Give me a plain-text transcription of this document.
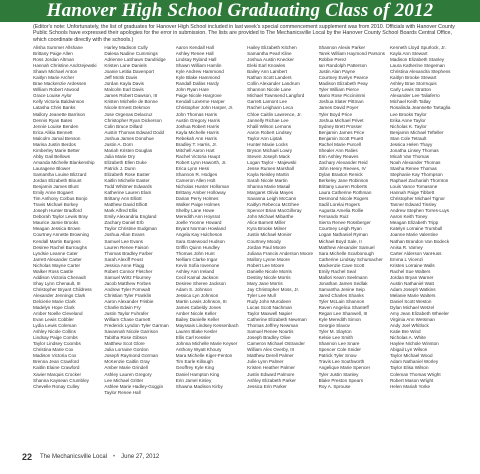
Hanover High School Graduating Class of 2012
(Editor's note: Unfortunately, the list of graduates for Hanover High School included in last week's special commencement supplement was from 2010. Officials with Hanover County Public Schools have expressed their apologies for the error in submission. The lists are provided to The Mechanicsville Local by the Hanover County School Boards Central Office, which coordinate directly with the schools.)
Alisha Summer Allshane
Brittany Paige Allen
Ross Jordan Altman
Hannah Christine Andrzejewski
Shawn Michael Anton
Kaitlyn Marie Archer
Brae Mackenzie Ardessen
William Robert Atwood
Grace Louise Aylor
Kelly Victoria Baldwinson
Latasha Chris Banks
Mallory Jeanette Barrison
Dennis Ryan Bates
Jennie Louise Benden
Erica Alikia Bennett
Malcolm Jamal Benson
Marisa Justin Berdos
Kimberley Marie Better
Abby Gail Bellows
Amanda Michelle Blankenship
Lauragene Blower
Samantha Louise Blizzard
Jordan Elizabeth Blount
Benjamin James Blunt
Emily Anne Bogaert
Tim Anthony Corbus Bonjo
Travis Michael Borkey
Joseph Hunter Bradford
Deborah Taylor Lewis Bray
Maurice Jamie Brooks
Meagan Jessica Brown
Courtney Annette Browning
Kendall Martin Burgess
Desiree Rachel Burroughs
Lyndsie Leanne Cater
Jarrett Alexander Carter
Nicholas Wayne Carter
Walker Ross Castle
Addison Victoria Chenault
Shay Lynn Chenault, III
Christopher Bryant Childress
Alexander Jennings Clark
Delcierie Marie Clark
Madelyn Hope Clark
Amber Noelle Cleveland
Evan Lewis Cobbler
Lydia Lewis Coleman
Ashley Nicole Collins
Lindsay Paige Combs
Taylor Lindsey Coombs
Christina Marie Cox
Madison Victoria Cox
Brenna Jean Crawford
Kaitlin Elaine Crawford
Xavier Marquis Crocker
Shanna Kaysean Crumbley
Chevelle Ronay Culley
Harley Madison Cully
Dalesa Nadine Cummings
Adrienne LaShawn Dandridge
Kristen Lane Daniels
Joanie Letitia Davenport
Jeff McSk Davis
Jordan Kayla Davis
Malcolm Earl Davis
James Robert Dawson, III
Kristen Michelle de Bonne
Nicole Ernest Dekmon
Jose Orgenas Delacruz
Christopher Ryan Dickerson
Colin Bruce Dillard
Austin Thomas Edward Dodd
Joshua James Donohue
Justin A. Dorn
Mariah Kristen Douglas
Julia Marie Dry
Elizabeth Ellen Duke
Patrick J. Dunn
Elizabeth Rose Easter
Kaitlin Michelle Easter
Todd Whitmer Edwards
Katherine Lauren Elam
Brittany Ann Elliott
Matthew David Elliott
Mark Alfred Ellis
Emily Alexandria England
Zachary Daniel Erb
Taylor Christine Eudgman
Joshua Allan Evans
Samuel Lee Evans
Lauren Renee Faison
Thomas Bradley Farber
Sarah Alexiff Feust
Jessica Anne Flagg
Robert Connor Fletcher
Samuel Wirtz Flourney
Jacob Matthew Forbes
Andrew Tyler Fornwalt
Christian Tyler Franklin
Aaron Alexander Frisbie
Charlie Edwin Fry
Justin Taylor Fuhrafer
William Chase Garnett
Frederick Lyndon Tyler Garman
Savannah Nicole Garrison
Tabitha Rose Gibson
Matthew Scot Glore
Julia Lorraine Gordon
Joseph Raymond Gorman
McKenzie Caitlin Gray
Amber Marie Grindell
Ashley Lauren Gregory
Lee Michael Gritter
Ashlee Marie Hadley-Goggin
Taylor Renee Hall
Aaron Kendall Hall
Ashley Renee Hall
Lindsay Ryland Hall
Shawn William Hamlin
Kyle Andrew Hammond
Kyle Blake Hammond
Randall Dallas Hardy
John Ryan Hare
Paige Nicole Hargrove
Kendall LaVerne Harper
Christopher John Harper, Jr.
John Thomas Harris
Austin Gregory Harris
Joshua Robert Harris
Kayla Michelle Harris
Rebekah Ann Harris
Bradley T. Harris, Jr.
Mitchell Aaron Hart
Rachel Victoria Haupt
Robert Lynn Haworth, Jr.
Erica Lynn Hess
Shannon R. Hodges
Cameron Allen Holt
Nicholas Hunter Holloman
Brittany Amber Holloway
Darian Perry Holmes
Walker Paige Holmes
Shelby Lane Howe
Meredith Ann Hoysrat
Joelle Yvonne Howard
Bryant Norman Howland
Angela Kay Hulcheson
Sara Gatewood Hudson
Griffin Quinn Hundley
Thomas John Hunt
Nelliam Clarke Ingar
Kevin Sofia Iovenone
Ashley Ann Ireland
Cecil Kamal Jackson
Desiree Sheree Jackson
Adam S. Johnson
Jessica Lyn Johnson
Martin Lewis Johnson, III
James Cabeldy Jones
Amber Nicole Keller
Bailey Danielle Keller
Mayssais Lindsey Kessenbach
Lauren Blake Kesler
Ellis Carl Kessler
Johnna Michelle Marie Keyser
Anthony Wyatt Khoury
Mara Michelle Kiger-Fenton
Tim Earle Killough
Geoffrey Kyle King
Daniel Hampton King
Erin Jamel Kinley
Shawna Madison Kirby
Hailey Elizabeth Kitchen
Samantha Pearl Kline
Joshua Austin Knecker
Eleki Earl Knowles
Bailey Ann Lambert
Nathan Scott Landers
Collin Alexander Landrum
Shannon Nicole Lane
Michael Townsend Langford
Garrett Lamont Lee
Rachel Leighann Leca
Chloe Caitlin Lawrence, Jr.
Jannelly Richae Lee
Khalil Wilson Lemons
Aaron Robert Lindsey
Taylor Ann Liptak
Hunter Maxie Locks
Bryson Michael Lowry
Steven Joseph Mack
Logan Taylor - Majewski
Jesse Rumen Marshall
Kayla Neisley Martin
Sarah Nicole Martin
Shanna Marie Masail
Margaret Olivia Mayes
Savanna Leigh McCann
Kaitlyn Rebecca McGhee
Spencer Brian MacGillvray
John Michael Mibarthe
Alice Barnett Miller
Kyra Brooke Milner
Justin Michael Monier
Courtney Moody
Jordan Paul Moore
Juliana Francis Anderson Moore
Mallory Lynne Moore
Robert Lee Moore
Danielle Nicole Morris
Destiny Nicole Morris
Mary Jane Morris
Jay Christopher Moss, Jr.
Tyler Lee Mull
Rudy John Murodeen
Lucas Scott Nachman
Taylor Maxwell Napier
Catherine Elizabeth Newman
Thomas Jeffrey Newman
Samuel Renee Nourtis
Joseph Bradley Olive
Cameron Michael Ostrander
William Alex Overby, III
Matthew Derell Palmer
Julie Lynn Palmer
Kristen Heather Palmer
Justin Edward Palmore
Ashley Elizabeth Parker
Jessica Erin Parker
Shannon Alexis Parker
Tarek William Haymond Parsons
Robbie Perez
Ian Randolph Patterson
Justin Alan Payne
Courtney Evelyn Pearce
Madison Elizabeth Peay
Tyler William Pierce
Mario Rose Piccinimmi
Joshua Slater Pittman
James David Poyer
Tyler Boyd Price
Joshua Michael Privet
Sydney Brett Prosser
Benjamin James Price
Benjamin Scott Pruett
Rachel Marie Purcell
Shealer Ann Ralies
Erin Ashley Reaves
Zachary Alexander Reid
John Henry Reeves, IV
Dylan Braxton Renick
Berkeley Jane Robinson
Brittany Lauren Roberts
Laura Catherine Rothman
Desmond Nicole Rogers
Sadil Lorelai Rogers
Augusta Amelia Rollie
Fernando Ruiz
Sierra Renee Rossberger
Courtney Leigh Ryan
Logan Nathaniel Ryman
Michael Boyd Sale, II
Matthew Alexander Samuel
Sara Michelle Scarborough
Catherine Lindsay Schumacher
Mackenzie Cave Scott
Emily Rachel Seal
Mallori Kearn Seelmann
Jonathan James Sedlak
Samantha Jenine Seip
Jared Charles Shanks
Tyler McLain Shannon
Raven Angelica Shanteff
Regan Lee Shanwell, III
Kyle Meredith Simon
Georgie Slavov
Tyler M. Slayton
Kelsie Lee Smith
Shannon Lee Snare
Spencer Cole Snider
Patrick Tyler Snow
Travis Lee Southworth
Angelique Marie Spencer
Tyler Justin Stanley
Blake Preston Spears
Roy A. Sprouse
Kenneth Lloyd Spurlock, Jr.
Kayla Ann Stewart
Madison Elizabeth Stanley
Laura Katherine Stegeman
Christina Alexandra Stephens
Kaitlyn Brooke Stewart
Ashley Brae Stormquis
Carly Lewis Stratton
Alexander Lee Taliaferro
Michael Keith Tatlay
Rosalinda Jeannette Tartaglia
Lee Brooks Taylor
Erika Anne Taylor
Nicholas K. Taylor
Benjamin Michael Tefteller
Stan Cole Tetrault
Jessica Helen Thayy
Jonatha Linsey Thomas
Micah Van Thomas
Noah Alexander Thomas
Stasha Renee Thomas
Stephanie Kay Thompson
Raphael Zachariah Thornton
Louis Vance Tomasone
Hannah Paige Tibbett
Christopher Michael Tignor
Tanner Edward Tinsley
Andrew Stephen Torres-Luys
Aaron Keith Toney
Meagan Elizabeth Tripp
Katelyn Lorraine Trumbull
Joanne Marie Valentine
Nathan Brandon Van Bodeck
Anisa R. Varney
Carter Alderson VanHuss
Emma L Vicenzi
Kristen Lorraine Walls
Rachel Sue Walters
Jordan Bryan Warner
Austin Nathaniel Watt
Adam Joseph Watkins
Melanie Marie Walters
Daniel Scott Weston
Dylan Michael Wetzel
Amy Jean Elizabeth Wheeler
Virginia Ann Wetsman
Andy Joel Whitlock
Katie Bre Wind
Nicholas A. White
Haylee Nichole Winston
Abigail Lyn Wilson
Taylor Michael Wood
Adam Nathaniel Worley
Taylor Elisa Wilson
Coleman Thomas Wright
Robert Mason Wright
Helen Mariah Yorke
22 The Mechanicsville Local • June 27, 2012
